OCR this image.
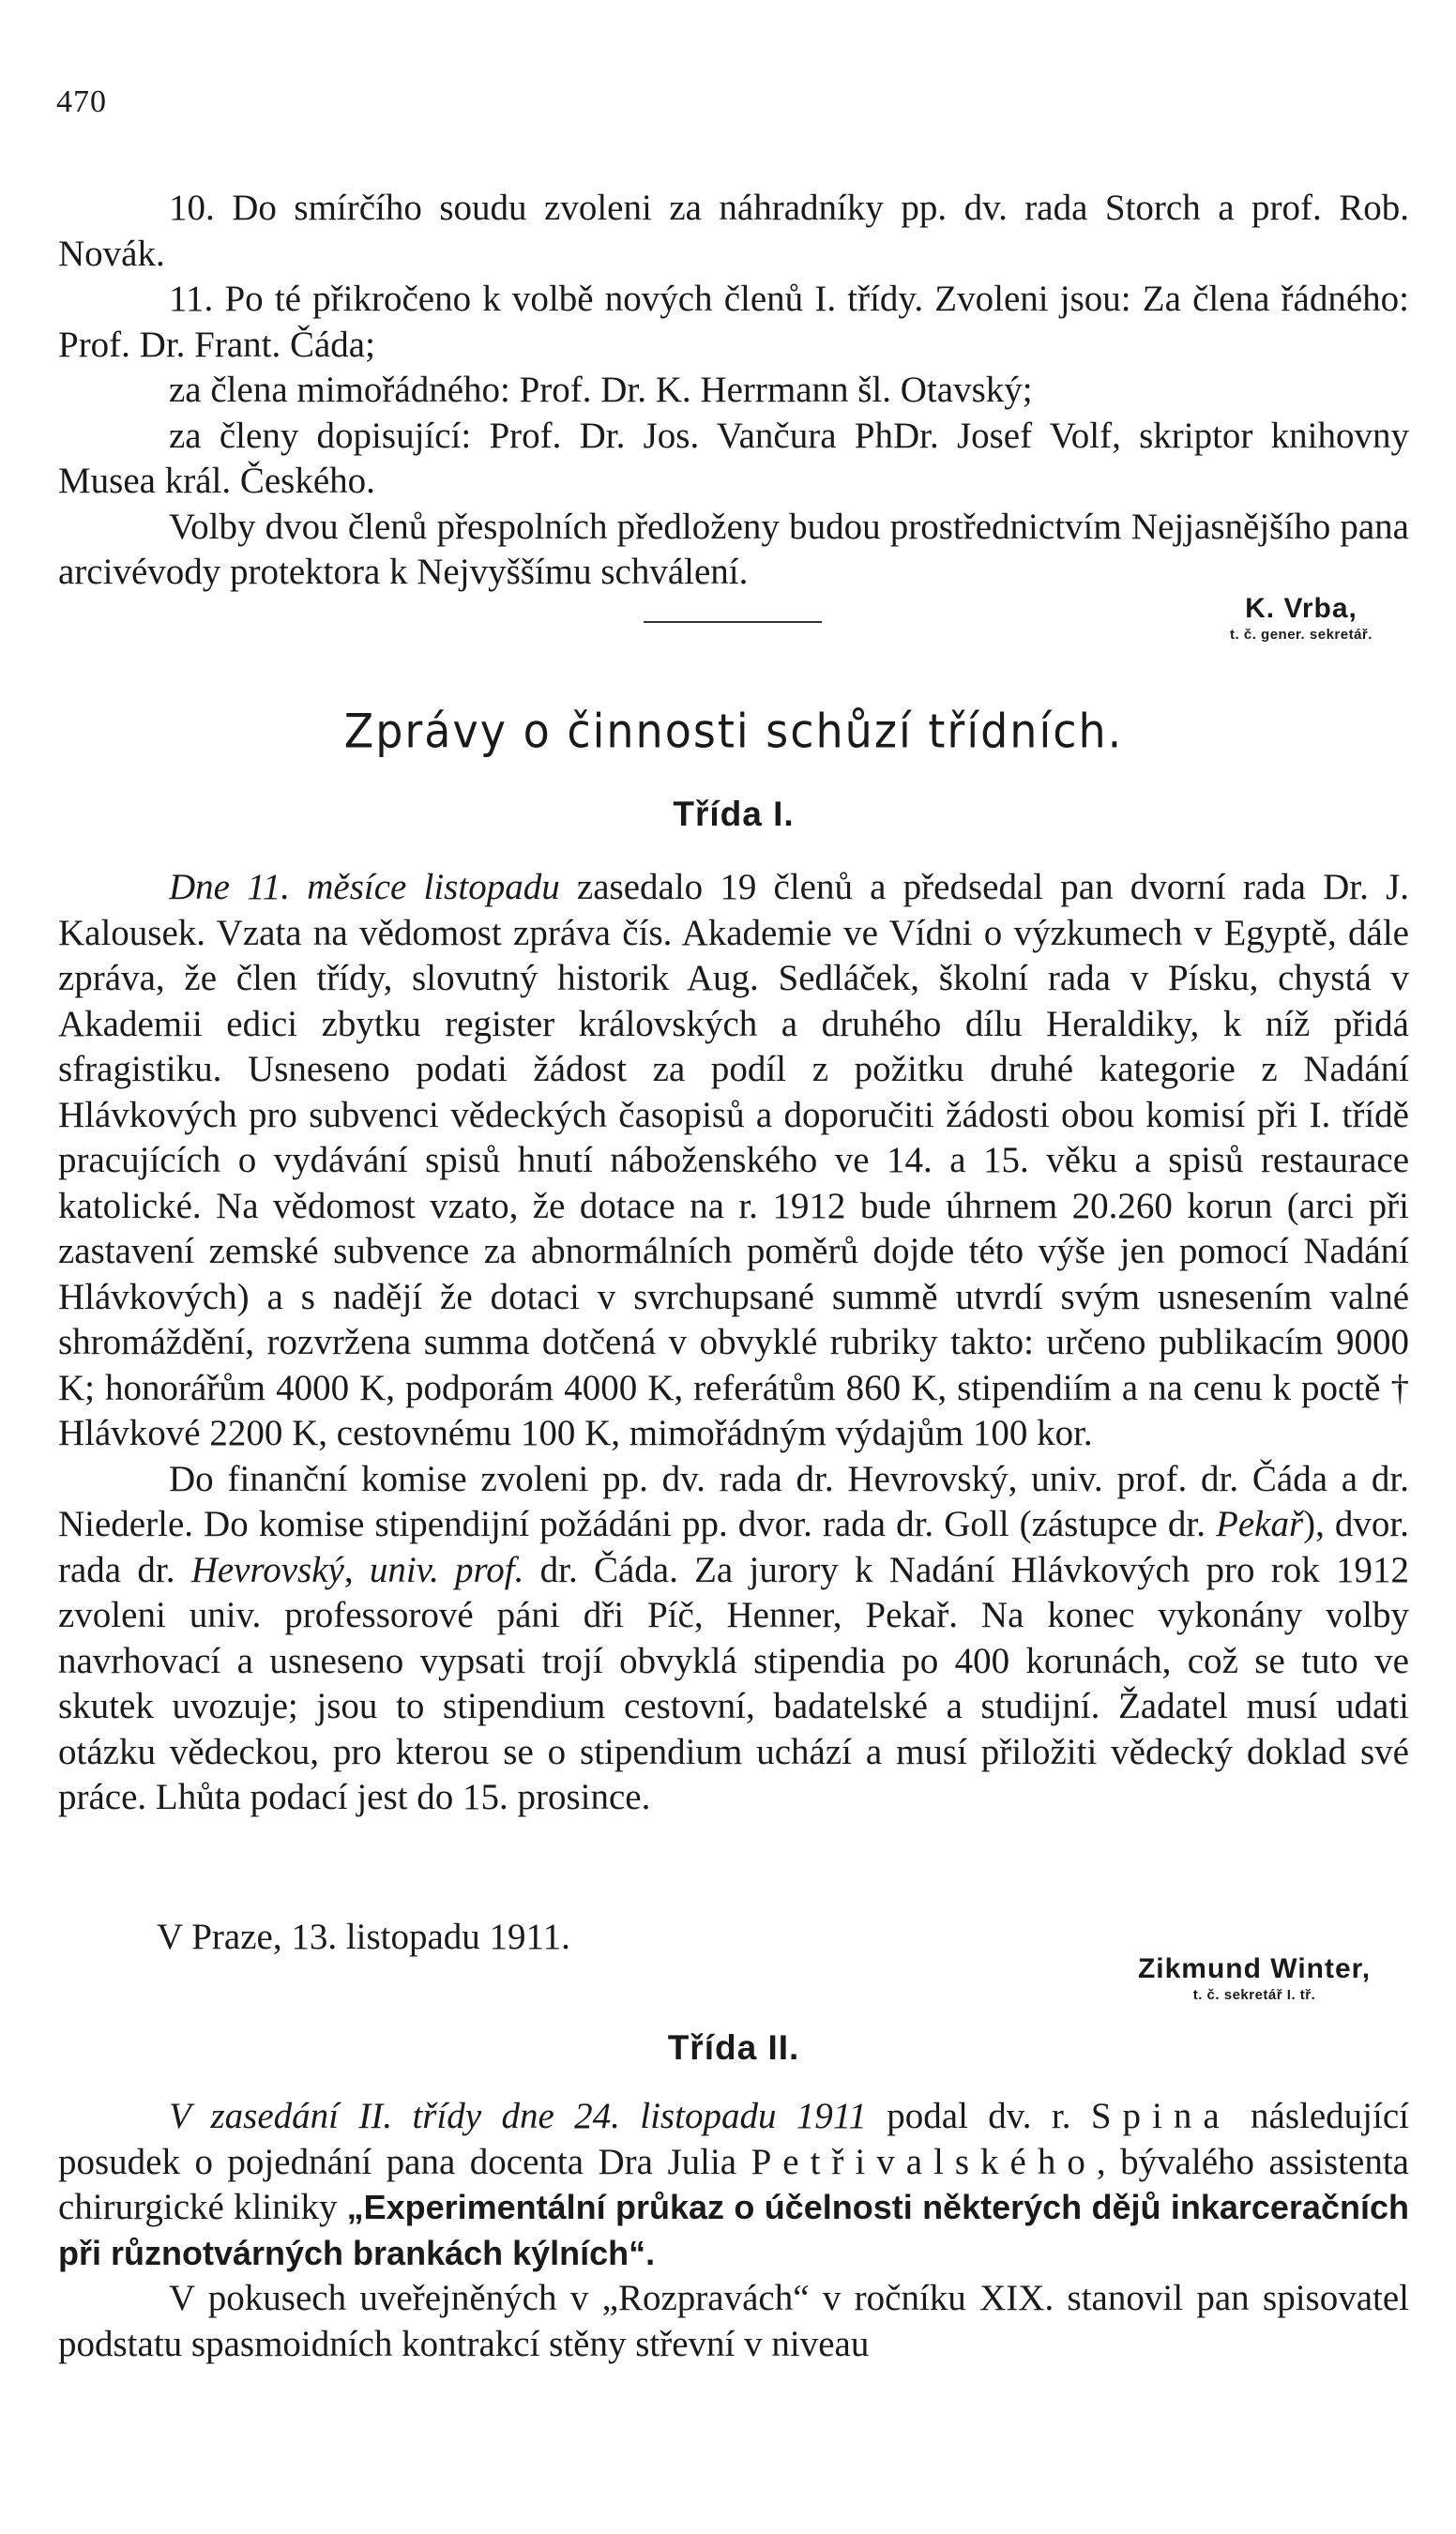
470

10. Do smírčího soudu zvoleni za náhradníky pp. dv. rada Storch a prof. Rob. Novák.

11. Po té přikročeno k volbě nových členů I. třídy. Zvoleni jsou: Za člena řádného: Prof. Dr. Frant. Čáda;

za člena mimořádného: Prof. Dr. K. Herrmann šl. Otavský;

za členy dopisující: Prof. Dr. Jos. Vančura PhDr. Josef Volf, skriptor knihovny Musea král. Českého.

Volby dvou členů přespolních předloženy budou prostřednictvím Nejjasnějšího pana arcivévody protektora k Nejvyššímu schválení.

K. Vrba,
t. č. gener. sekretář.
Zprávy o činnosti schůzí třídních.
Třída I.

Dne 11. měsíce listopadu zasedalo 19 členů a předsedal pan dvorní rada Dr. J. Kalousek. Vzata na vědomost zpráva čís. Akademie ve Vídni o výzkumech v Egyptě, dále zpráva, že člen třídy, slovutný historik Aug. Sedláček, školní rada v Písku, chystá v Akademii edici zbytku register královských a druhého dílu Heraldiky, k níž přidá sfragistiku. Usneseno podati žádost za podíl z požitku druhé kategorie z Nadání Hlávkových pro subvenci vědeckých časopisů a doporučiti žádosti obou komisí při I. třídě pracujících o vydávání spisů hnutí náboženského ve 14. a 15. věku a spisů restaurace katolické. Na vědomost vzato, že dotace na r. 1912 bude úhrnem 20.260 korun (arci při zastavení zemské subvence za abnormálních poměrů dojde této výše jen pomocí Nadání Hlávkových) a s nadějí že dotaci v svrchupsané summě utvrdí svým usnesením valné shromáždění, rozvržena summa dotčená v obvyklé rubriky takto: určeno publikacím 9000 K; honorářům 4000 K, podporám 4000 K, referátům 860 K, stipendiím a na cenu k poctě † Hlávkové 2200 K, cestovnému 100 K, mimořádným výdajům 100 kor.

Do finanční komise zvoleni pp. dv. rada dr. Hevrovský, univ. prof. dr. Čáda a dr. Niederle. Do komise stipendijní požádáni pp. dvor. rada dr. Goll (zástupce dr. Pekař), dvor. rada dr. Hevrovský, univ. prof. dr. Čáda. Za jurory k Nadání Hlávkových pro rok 1912 zvoleni univ. professorové páni dři Píč, Henner, Pekař. Na konec vykonány volby navrhovací a usneseno vypsati trojí obvyklá stipendia po 400 korunách, což se tuto ve skutek uvozuje; jsou to stipendium cestovní, badatelské a studijní. Žadatel musí udati otázku vědeckou, pro kterou se o stipendium uchází a musí přiložiti vědecký doklad své práce. Lhůta podací jest do 15. prosince.

V Praze, 13. listopadu 1911.
Zikmund Winter,
t. č. sekretář I. tř.
Třída II.

V zasedání II. třídy dne 24. listopadu 1911 podal dv. r. Spina následující posudek o pojednání pana docenta Dra Julia Petřivalského, bývalého assistenta chirurgické kliniky „Experimentální průkaz o účelnosti některých dějů inkarceračních při různotvárných brankách kýlních“.

V pokusech uveřejněných v „Rozpravách“ v ročníku XIX. stanovil pan spisovatel podstatu spasmoidních kontrakcí stěny střevní v niveau
